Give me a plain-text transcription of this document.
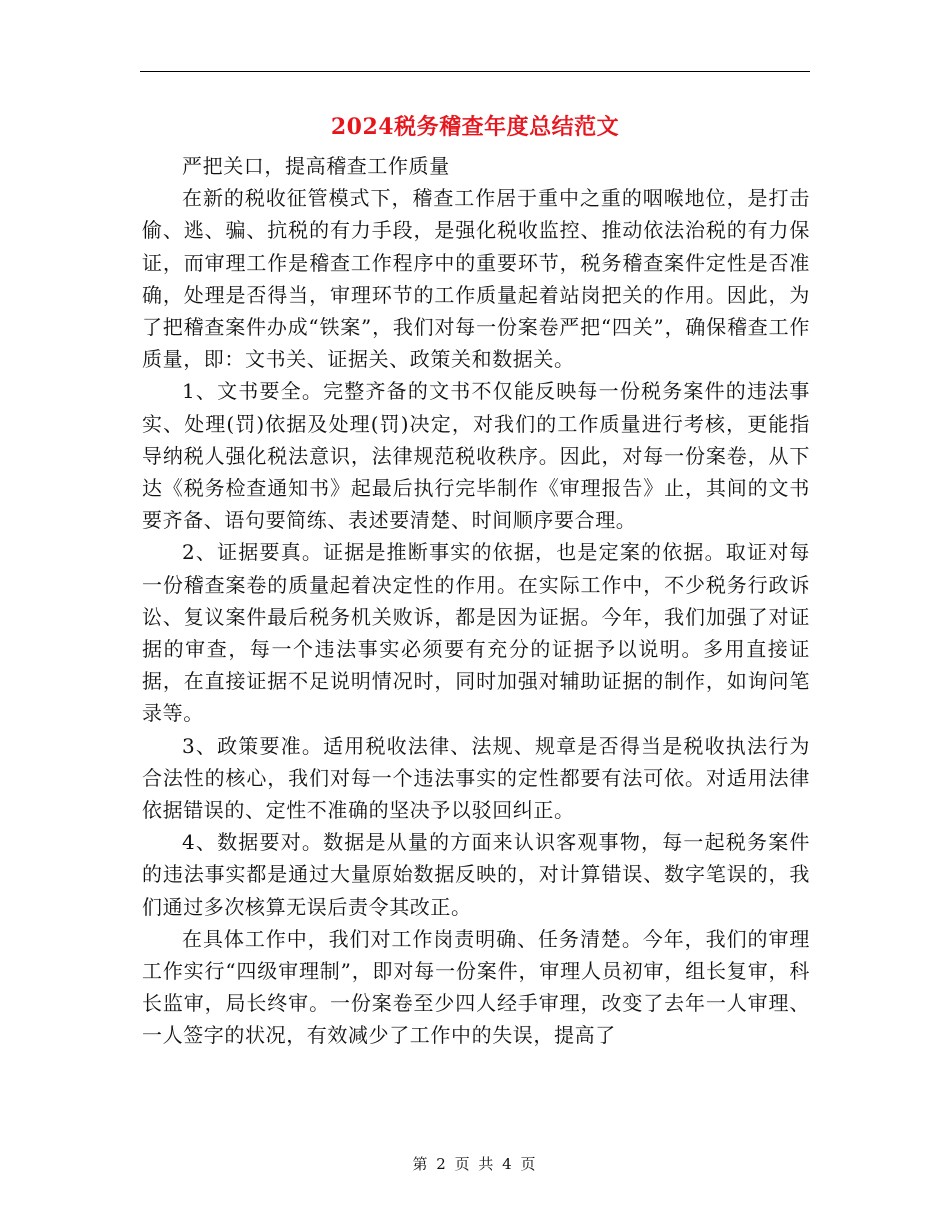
2024税务稽查年度总结范文

严把关口，提高稽查工作质量

在新的税收征管模式下，稽查工作居于重中之重的咽喉地位，是打击偷、逃、骗、抗税的有力手段，是强化税收监控、推动依法治税的有力保证，而审理工作是稽查工作程序中的重要环节，税务稽查案件定性是否准确，处理是否得当，审理环节的工作质量起着站岗把关的作用。因此，为了把稽查案件办成“铁案”，我们对每一份案卷严把“四关”，确保稽查工作质量，即：文书关、证据关、政策关和数据关。

1、文书要全。完整齐备的文书不仅能反映每一份税务案件的违法事实、处理(罚)依据及处理(罚)决定，对我们的工作质量进行考核，更能指导纳税人强化税法意识，法律规范税收秩序。因此，对每一份案卷，从下达《税务检查通知书》起最后执行完毕制作《审理报告》止，其间的文书要齐备、语句要简练、表述要清楚、时间顺序要合理。

2、证据要真。证据是推断事实的依据，也是定案的依据。取证对每一份稽查案卷的质量起着决定性的作用。在实际工作中，不少税务行政诉讼、复议案件最后税务机关败诉，都是因为证据。今年，我们加强了对证据的审查，每一个违法事实必须要有充分的证据予以说明。多用直接证据，在直接证据不足说明情况时，同时加强对辅助证据的制作，如询问笔录等。

3、政策要准。适用税收法律、法规、规章是否得当是税收执法行为合法性的核心，我们对每一个违法事实的定性都要有法可依。对适用法律依据错误的、定性不准确的坚决予以驳回纠正。

4、数据要对。数据是从量的方面来认识客观事物，每一起税务案件的违法事实都是通过大量原始数据反映的，对计算错误、数字笔误的，我们通过多次核算无误后责令其改正。

在具体工作中，我们对工作岗责明确、任务清楚。今年，我们的审理工作实行“四级审理制”，即对每一份案件，审理人员初审，组长复审，科长监审，局长终审。一份案卷至少四人经手审理，改变了去年一人审理、一人签字的状况，有效减少了工作中的失误，提高了

第 2 页 共 4 页
